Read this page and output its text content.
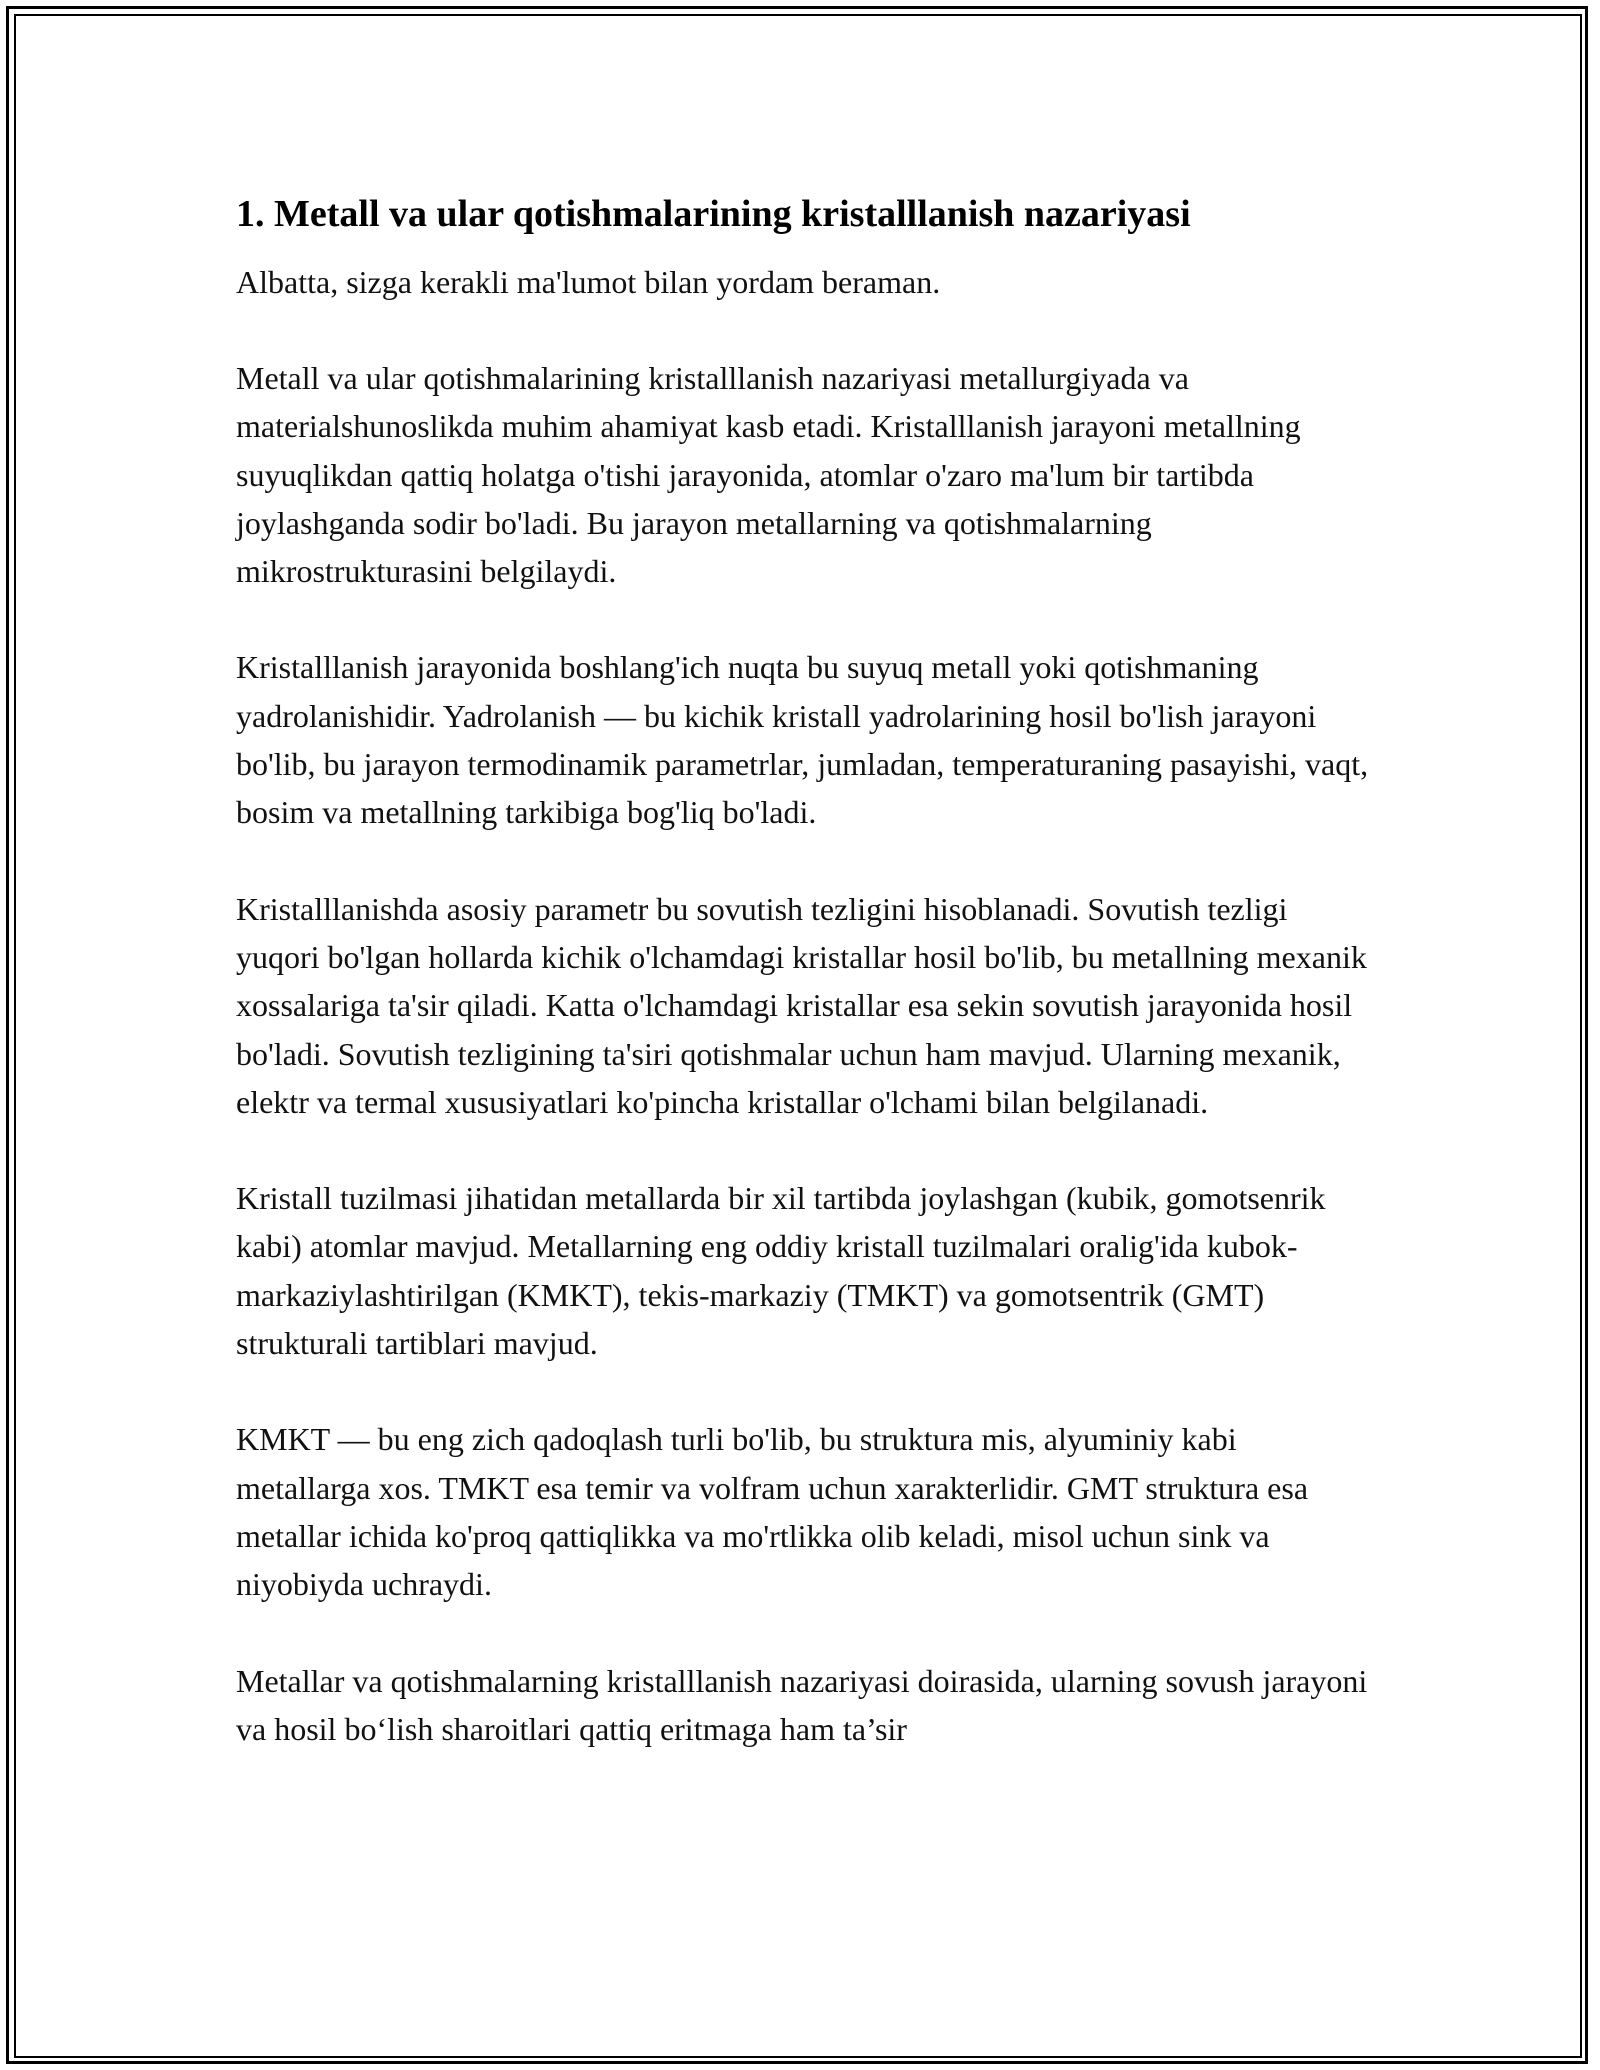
1. Metall va ular qotishmalarining kristalllanish nazariyasi

Albatta, sizga kerakli ma'lumot bilan yordam beraman.

Metall va ular qotishmalarining kristalllanish nazariyasi metallurgiyada va materialshunoslikda muhim ahamiyat kasb etadi. Kristalllanish jarayoni metallning suyuqlikdan qattiq holatga o'tishi jarayonida, atomlar o'zaro ma'lum bir tartibda joylashganda sodir bo'ladi. Bu jarayon metallarning va qotishmalarning mikrostrukturasini belgilaydi.

Kristalllanish jarayonida boshlang'ich nuqta bu suyuq metall yoki qotishmaning yadrolanishidir. Yadrolanish — bu kichik kristall yadrolarining hosil bo'lish jarayoni bo'lib, bu jarayon termodinamik parametrlar, jumladan, temperaturaning pasayishi, vaqt, bosim va metallning tarkibiga bog'liq bo'ladi.

Kristalllanishda asosiy parametr bu sovutish tezligini hisoblanadi. Sovutish tezligi yuqori bo'lgan hollarda kichik o'lchamdagi kristallar hosil bo'lib, bu metallning mexanik xossalariga ta'sir qiladi. Katta o'lchamdagi kristallar esa sekin sovutish jarayonida hosil bo'ladi. Sovutish tezligining ta'siri qotishmalar uchun ham mavjud. Ularning mexanik, elektr va termal xususiyatlari ko'pincha kristallar o'lchami bilan belgilanadi.

Kristall tuzilmasi jihatidan metallarda bir xil tartibda joylashgan (kubik, gomotsenrik kabi) atomlar mavjud. Metallarning eng oddiy kristall tuzilmalari oralig'ida kubok-markaziylashtirilgan (KMKT), tekis-markaziy (TMKT) va gomotsentrik (GMT) strukturali tartiblari mavjud.

KMKT — bu eng zich qadoqlash turli bo'lib, bu struktura mis, alyuminiy kabi metallarga xos. TMKT esa temir va volfram uchun xarakterlidir. GMT struktura esa metallar ichida ko'proq qattiqlikka va mo'rtlikka olib keladi, misol uchun sink va niyobiyda uchraydi.

Metallar va qotishmalarning kristalllanish nazariyasi doirasida, ularning sovush jarayoni va hosil bo‘lish sharoitlari qattiq eritmaga ham ta’sir
